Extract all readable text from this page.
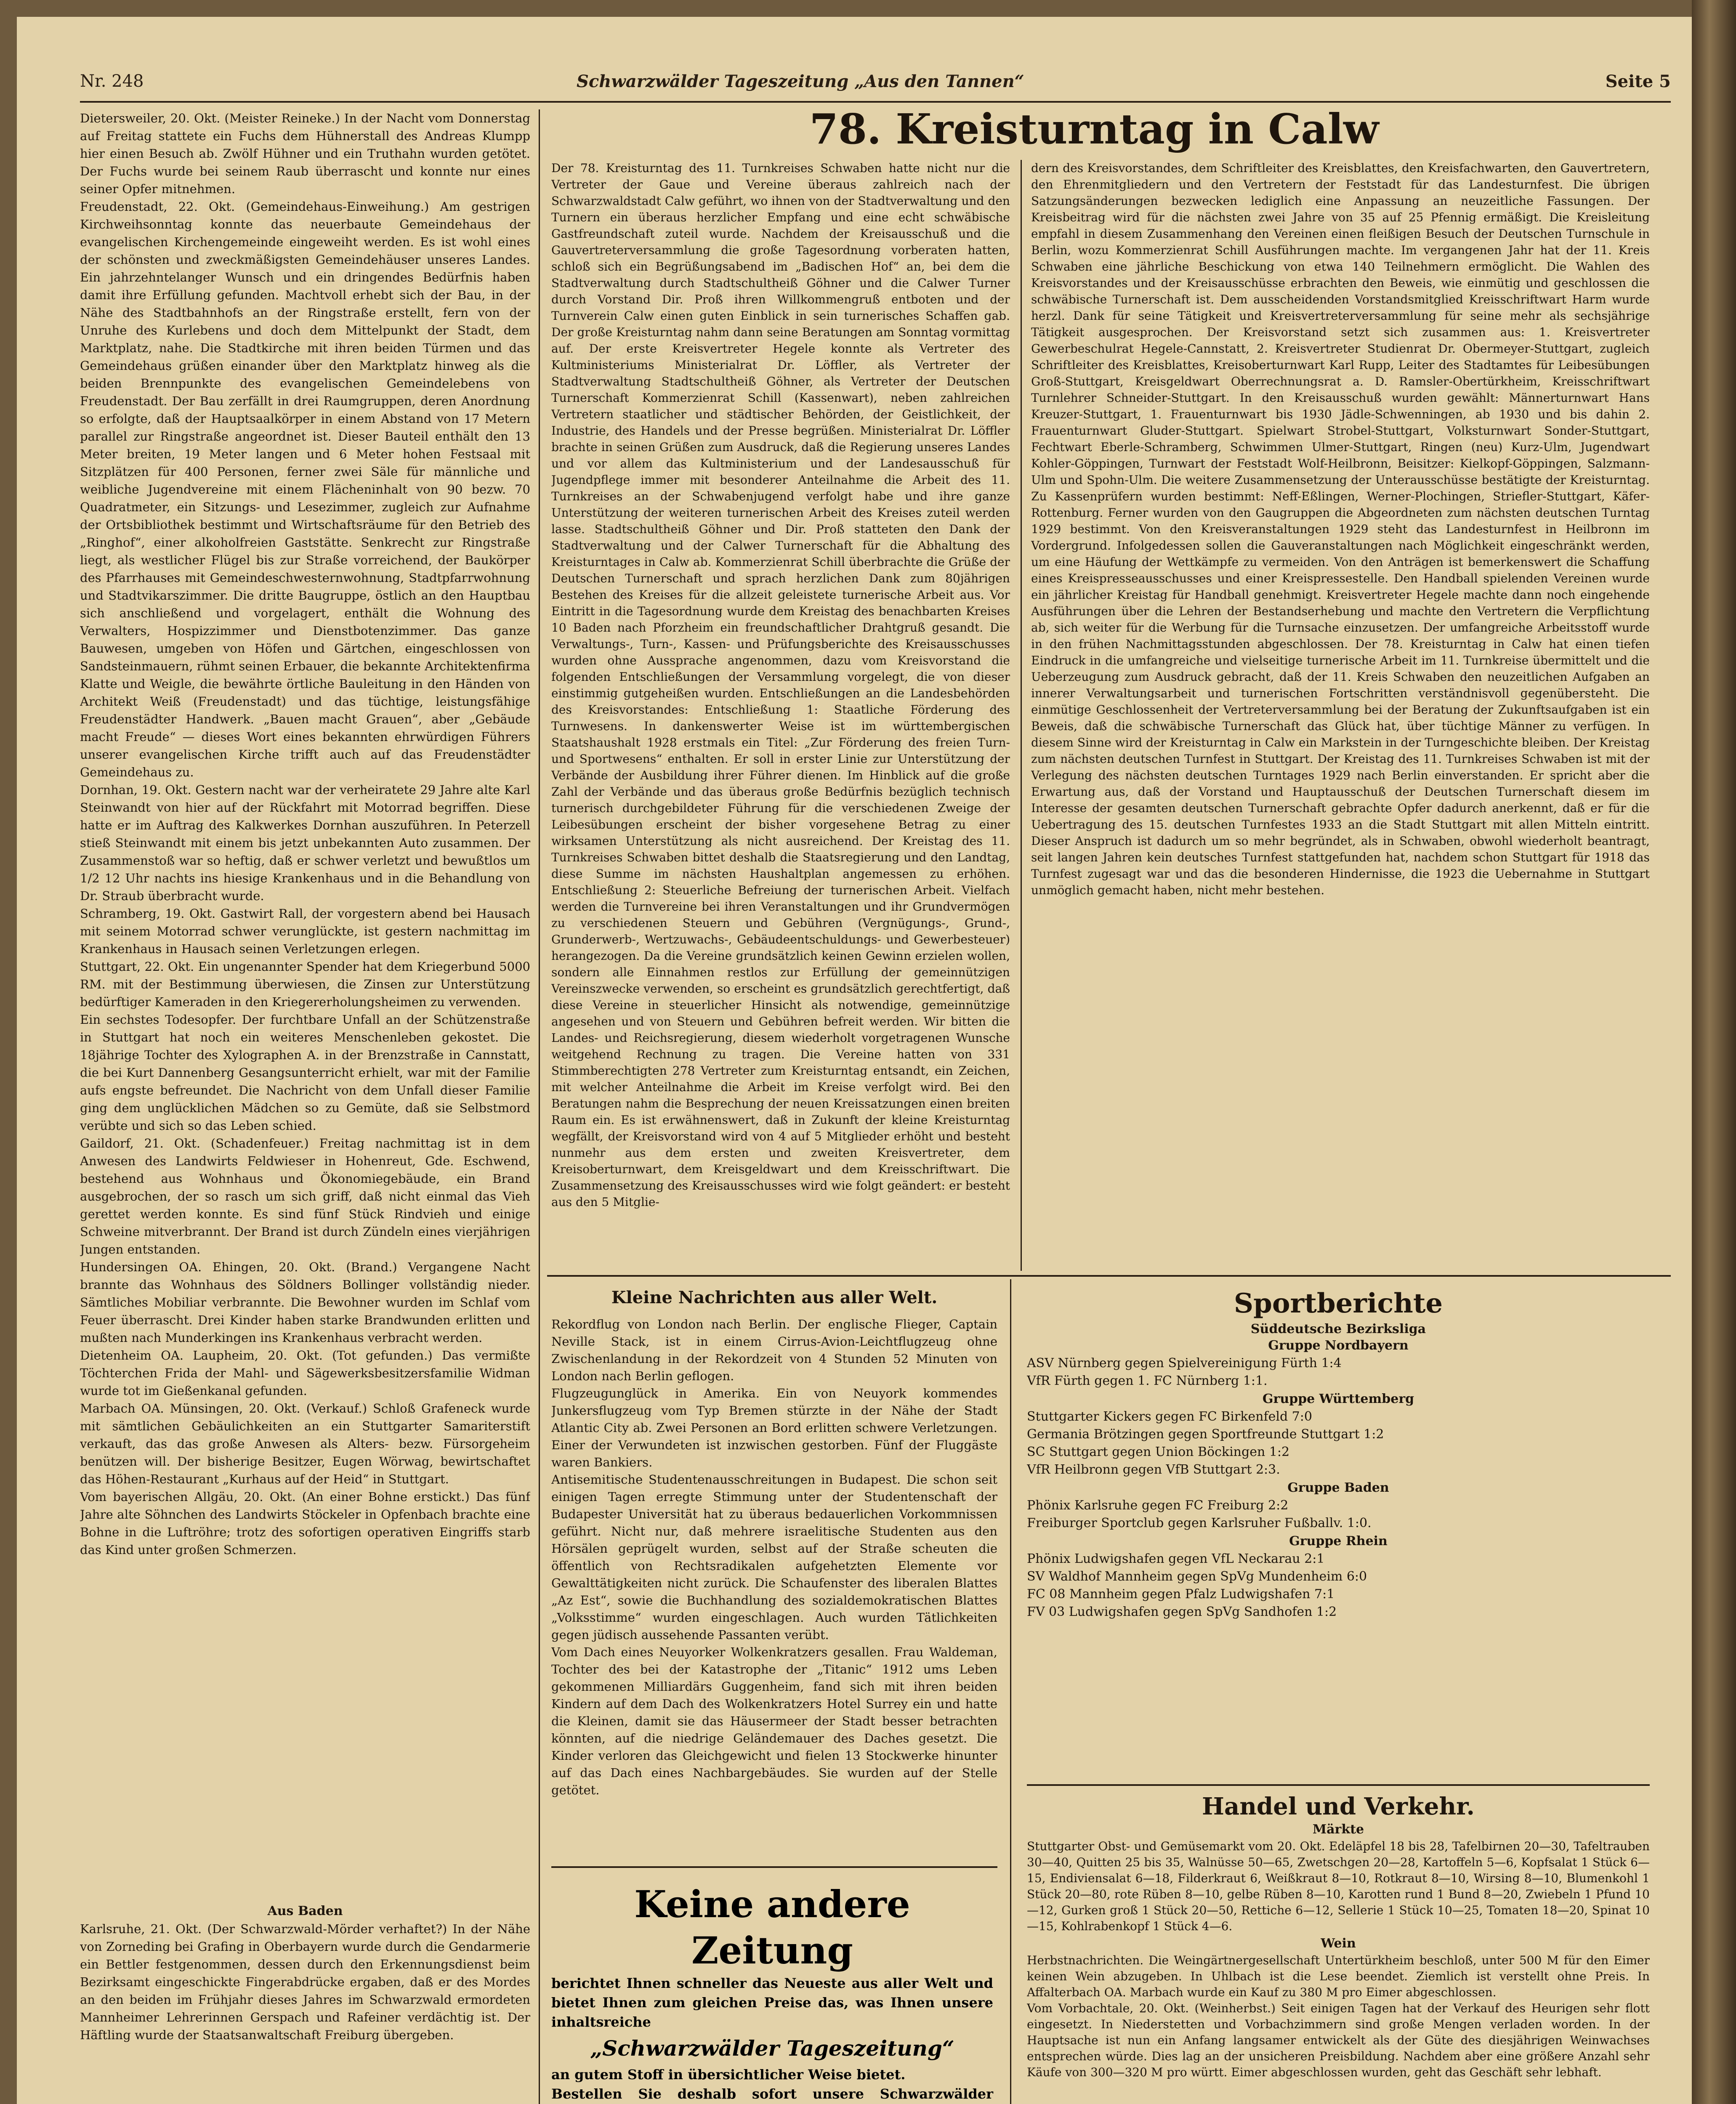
Nr. 248	Schwarzwälder Tageszeitung „Aus den Tannen“	Seite 5

Dietersweiler, 20. Okt. (Meister Reineke.) In der Nacht vom Donnerstag auf Freitag stattete ein Fuchs dem Hühnerstall des Andreas Klumpp hier einen Besuch ab. Zwölf Hühner und ein Truthahn wurden getötet. Der Fuchs wurde bei seinem Raub überrascht und konnte nur eines seiner Opfer mitnehmen.
Freudenstadt, 22. Okt. (Gemeindehaus-Einweihung.) Am gestrigen Kirchweihsonntag konnte das neuerbaute Gemeindehaus der evangelischen Kirchengemeinde eingeweiht werden. Es ist wohl eines der schönsten und zweckmäßigsten Gemeindehäuser unseres Landes. Ein jahrzehntelanger Wunsch und ein dringendes Bedürfnis haben damit ihre Erfüllung gefunden. Machtvoll erhebt sich der Bau, in der Nähe des Stadtbahnhofs an der Ringstraße erstellt, fern von der Unruhe des Kurlebens und doch dem Mittelpunkt der Stadt, dem Marktplatz, nahe. Die Stadtkirche mit ihren beiden Türmen und das Gemeindehaus grüßen einander über den Marktplatz hinweg als die beiden Brennpunkte des evangelischen Gemeindelebens von Freudenstadt. Der Bau zerfällt in drei Raumgruppen, deren Anordnung so erfolgte, daß der Hauptsaalkörper in einem Abstand von 17 Metern parallel zur Ringstraße angeordnet ist. Dieser Bauteil enthält den 13 Meter breiten, 19 Meter langen und 6 Meter hohen Festsaal mit Sitzplätzen für 400 Personen, ferner zwei Säle für männliche und weibliche Jugendvereine mit einem Flächeninhalt von 90 bezw. 70 Quadratmeter, ein Sitzungs- und Lesezimmer, zugleich zur Aufnahme der Ortsbibliothek bestimmt und Wirtschaftsräume für den Betrieb des „Ringhof“, einer alkoholfreien Gaststätte. Senkrecht zur Ringstraße liegt, als westlicher Flügel bis zur Straße vorreichend, der Baukörper des Pfarrhauses mit Gemeindeschwesternwohnung, Stadtpfarrwohnung und Stadtvikarszimmer. Die dritte Baugruppe, östlich an den Hauptbau sich anschließend und vorgelagert, enthält die Wohnung des Verwalters, Hospizzimmer und Dienstbotenzimmer. Das ganze Bauwesen, umgeben von Höfen und Gärtchen, eingeschlossen von Sandsteinmauern, rühmt seinen Erbauer, die bekannte Architektenfirma Klatte und Weigle, die bewährte örtliche Bauleitung in den Händen von Architekt Weiß (Freudenstadt) und das tüchtige, leistungsfähige Freudenstädter Handwerk. „Bauen macht Grauen“, aber „Gebäude macht Freude“ — dieses Wort eines bekannten ehrwürdigen Führers unserer evangelischen Kirche trifft auch auf das Freudenstädter Gemeindehaus zu.
Dornhan, 19. Okt. Gestern nacht war der verheiratete 29 Jahre alte Karl Steinwandt von hier auf der Rückfahrt mit Motorrad begriffen. Diese hatte er im Auftrag des Kalkwerkes Dornhan auszuführen. In Peterzell stieß Steinwandt mit einem bis jetzt unbekannten Auto zusammen. Der Zusammenstoß war so heftig, daß er schwer verletzt und bewußtlos um 1/2 12 Uhr nachts ins hiesige Krankenhaus und in die Behandlung von Dr. Straub überbracht wurde.
Schramberg, 19. Okt. Gastwirt Rall, der vorgestern abend bei Hausach mit seinem Motorrad schwer verunglückte, ist gestern nachmittag im Krankenhaus in Hausach seinen Verletzungen erlegen.
Stuttgart, 22. Okt. Ein ungenannter Spender hat dem Kriegerbund 5000 RM. mit der Bestimmung überwiesen, die Zinsen zur Unterstützung bedürftiger Kameraden in den Kriegererholungsheimen zu verwenden.
Ein sechstes Todesopfer. Der furchtbare Unfall an der Schützenstraße in Stuttgart hat noch ein weiteres Menschenleben gekostet. Die 18jährige Tochter des Xylographen A. in der Brenzstraße in Cannstatt, die bei Kurt Dannenberg Gesangsunterricht erhielt, war mit der Familie aufs engste befreundet. Die Nachricht von dem Unfall dieser Familie ging dem unglücklichen Mädchen so zu Gemüte, daß sie Selbstmord verübte und sich so das Leben schied.
Gaildorf, 21. Okt. (Schadenfeuer.) Freitag nachmittag ist in dem Anwesen des Landwirts Feldwieser in Hohenreut, Gde. Eschwend, bestehend aus Wohnhaus und Ökonomiegebäude, ein Brand ausgebrochen, der so rasch um sich griff, daß nicht einmal das Vieh gerettet werden konnte. Es sind fünf Stück Rindvieh und einige Schweine mitverbrannt. Der Brand ist durch Zündeln eines vierjährigen Jungen entstanden.
Hundersingen OA. Ehingen, 20. Okt. (Brand.) Vergangene Nacht brannte das Wohnhaus des Söldners Bollinger vollständig nieder. Sämtliches Mobiliar verbrannte. Die Bewohner wurden im Schlaf vom Feuer überrascht. Drei Kinder haben starke Brandwunden erlitten und mußten nach Munderkingen ins Krankenhaus verbracht werden.
Dietenheim OA. Laupheim, 20. Okt. (Tot gefunden.) Das vermißte Töchterchen Frida der Mahl- und Sägewerksbesitzersfamilie Widman wurde tot im Gießenkanal gefunden.
Marbach OA. Münsingen, 20. Okt. (Verkauf.) Schloß Grafeneck wurde mit sämtlichen Gebäulichkeiten an ein Stuttgarter Samariterstift verkauft, das das große Anwesen als Alters- bezw. Fürsorgeheim benützen will. Der bisherige Besitzer, Eugen Wörwag, bewirtschaftet das Höhen-Restaurant „Kurhaus auf der Heid“ in Stuttgart.
Vom bayerischen Allgäu, 20. Okt. (An einer Bohne erstickt.) Das fünf Jahre alte Söhnchen des Landwirts Stöckeler in Opfenbach brachte eine Bohne in die Luftröhre; trotz des sofortigen operativen Eingriffs starb das Kind unter großen Schmerzen.

Aus Baden

Karlsruhe, 21. Okt. (Der Schwarzwald-Mörder verhaftet?) In der Nähe von Zorneding bei Grafing in Oberbayern wurde durch die Gendarmerie ein Bettler festgenommen, dessen durch den Erkennungsdienst beim Bezirksamt eingeschickte Fingerabdrücke ergaben, daß er des Mordes an den beiden im Frühjahr dieses Jahres im Schwarzwald ermordeten Mannheimer Lehrerinnen Gerspach und Rafeiner verdächtig ist. Der Häftling wurde der Staatsanwaltschaft Freiburg übergeben.

78. Kreisturntag in Calw

Der 78. Kreisturntag des 11. Turnkreises Schwaben hatte nicht nur die Vertreter der Gaue und Vereine überaus zahlreich nach der Schwarzwaldstadt Calw geführt, wo ihnen von der Stadtverwaltung und den Turnern ein überaus herzlicher Empfang und eine echt schwäbische Gastfreundschaft zuteil wurde. Nachdem der Kreisausschuß und die Gauvertreterversammlung die große Tagesordnung vorberaten hatten, schloß sich ein Begrüßungsabend im „Badischen Hof“ an, bei dem die Stadtverwaltung durch Stadtschultheiß Göhner und die Calwer Turner durch Vorstand Dir. Proß ihren Willkommengruß entboten und der Turnverein Calw einen guten Einblick in sein turnerisches Schaffen gab. Der große Kreisturntag nahm dann seine Beratungen am Sonntag vormittag auf. Der erste Kreisvertreter Hegele konnte als Vertreter des Kultministeriums Ministerialrat Dr. Löffler, als Vertreter der Stadtverwaltung Stadtschultheiß Göhner, als Vertreter der Deutschen Turnerschaft Kommerzienrat Schill (Kassenwart), neben zahlreichen Vertretern staatlicher und städtischer Behörden, der Geistlichkeit, der Industrie, des Handels und der Presse begrüßen. Ministerialrat Dr. Löffler brachte in seinen Grüßen zum Ausdruck, daß die Regierung unseres Landes und vor allem das Kultministerium und der Landesausschuß für Jugendpflege immer mit besonderer Anteilnahme die Arbeit des 11. Turnkreises an der Schwabenjugend verfolgt habe und ihre ganze Unterstützung der weiteren turnerischen Arbeit des Kreises zuteil werden lasse. Stadtschultheiß Göhner und Dir. Proß statteten den Dank der Stadtverwaltung und der Calwer Turnerschaft für die Abhaltung des Kreisturntages in Calw ab. Kommerzienrat Schill überbrachte die Grüße der Deutschen Turnerschaft und sprach herzlichen Dank zum 80jährigen Bestehen des Kreises für die allzeit geleistete turnerische Arbeit aus. Vor Eintritt in die Tagesordnung wurde dem Kreistag des benachbarten Kreises 10 Baden nach Pforzheim ein freundschaftlicher Drahtgruß gesandt. Die Verwaltungs-, Turn-, Kassen- und Prüfungsberichte des Kreisausschusses wurden ohne Aussprache angenommen, dazu vom Kreisvorstand die folgenden Entschließungen der Versammlung vorgelegt, die von dieser einstimmig gutgeheißen wurden. Entschließungen an die Landesbehörden des Kreisvorstandes: Entschließung 1: Staatliche Förderung des Turnwesens. In dankenswerter Weise ist im württembergischen Staatshaushalt 1928 erstmals ein Titel: „Zur Förderung des freien Turn- und Sportwesens“ enthalten. Er soll in erster Linie zur Unterstützung der Verbände der Ausbildung ihrer Führer dienen. Im Hinblick auf die große Zahl der Verbände und das überaus große Bedürfnis bezüglich technisch turnerisch durchgebildeter Führung für die verschiedenen Zweige der Leibesübungen erscheint der bisher vorgesehene Betrag zu einer wirksamen Unterstützung als nicht ausreichend. Der Kreistag des 11. Turnkreises Schwaben bittet deshalb die Staatsregierung und den Landtag, diese Summe im nächsten Haushaltplan angemessen zu erhöhen. Entschließung 2: Steuerliche Befreiung der turnerischen Arbeit. Vielfach werden die Turnvereine bei ihren Veranstaltungen und ihr Grundvermögen zu verschiedenen Steuern und Gebühren (Vergnügungs-, Grund-, Grunderwerb-, Wertzuwachs-, Gebäudeentschuldungs- und Gewerbesteuer) herangezogen. Da die Vereine grundsätzlich keinen Gewinn erzielen wollen, sondern alle Einnahmen restlos zur Erfüllung der gemeinnützigen Vereinszwecke verwenden, so erscheint es grundsätzlich gerechtfertigt, daß diese Vereine in steuerlicher Hinsicht als notwendige, gemeinnützige angesehen und von Steuern und Gebühren befreit werden. Wir bitten die Landes- und Reichsregierung, diesem wiederholt vorgetragenen Wunsche weitgehend Rechnung zu tragen. Die Vereine hatten von 331 Stimmberechtigten 278 Vertreter zum Kreisturntag entsandt, ein Zeichen, mit welcher Anteilnahme die Arbeit im Kreise verfolgt wird. Bei den Beratungen nahm die Besprechung der neuen Kreissatzungen einen breiten Raum ein. Es ist erwähnenswert, daß in Zukunft der kleine Kreisturntag wegfällt, der Kreisvorstand wird von 4 auf 5 Mitglieder erhöht und besteht nunmehr aus dem ersten und zweiten Kreisvertreter, dem Kreisoberturnwart, dem Kreisgeldwart und dem Kreisschriftwart. Die Zusammensetzung des Kreisausschusses wird wie folgt geändert: er besteht aus den 5 Mitglie-

dern des Kreisvorstandes, dem Schriftleiter des Kreisblattes, den Kreisfachwarten, den Gauvertretern, den Ehrenmitgliedern und den Vertretern der Feststadt für das Landesturnfest. Die übrigen Satzungsänderungen bezwecken lediglich eine Anpassung an neuzeitliche Fassungen. Der Kreisbeitrag wird für die nächsten zwei Jahre von 35 auf 25 Pfennig ermäßigt. Die Kreisleitung empfahl in diesem Zusammenhang den Vereinen einen fleißigen Besuch der Deutschen Turnschule in Berlin, wozu Kommerzienrat Schill Ausführungen machte. Im vergangenen Jahr hat der 11. Kreis Schwaben eine jährliche Beschickung von etwa 140 Teilnehmern ermöglicht. Die Wahlen des Kreisvorstandes und der Kreisausschüsse erbrachten den Beweis, wie einmütig und geschlossen die schwäbische Turnerschaft ist. Dem ausscheidenden Vorstandsmitglied Kreisschriftwart Harm wurde herzl. Dank für seine Tätigkeit und Kreisvertreterversammlung für seine mehr als sechsjährige Tätigkeit ausgesprochen. Der Kreisvorstand setzt sich zusammen aus: 1. Kreisvertreter Gewerbeschulrat Hegele-Cannstatt, 2. Kreisvertreter Studienrat Dr. Obermeyer-Stuttgart, zugleich Schriftleiter des Kreisblattes, Kreisoberturnwart Karl Rupp, Leiter des Stadtamtes für Leibesübungen Groß-Stuttgart, Kreisgeldwart Oberrechnungsrat a. D. Ramsler-Obertürkheim, Kreisschriftwart Turnlehrer Schneider-Stuttgart. In den Kreisausschuß wurden gewählt: Männerturnwart Hans Kreuzer-Stuttgart, 1. Frauenturnwart bis 1930 Jädle-Schwenningen, ab 1930 und bis dahin 2. Frauenturnwart Gluder-Stuttgart. Spielwart Strobel-Stuttgart, Volksturnwart Sonder-Stuttgart, Fechtwart Eberle-Schramberg, Schwimmen Ulmer-Stuttgart, Ringen (neu) Kurz-Ulm, Jugendwart Kohler-Göppingen, Turnwart der Feststadt Wolf-Heilbronn, Beisitzer: Kielkopf-Göppingen, Salzmann-Ulm und Spohn-Ulm. Die weitere Zusammensetzung der Unterausschüsse bestätigte der Kreisturntag. Zu Kassenprüfern wurden bestimmt: Neff-Eßlingen, Werner-Plochingen, Striefler-Stuttgart, Käfer-Rottenburg. Ferner wurden von den Gaugruppen die Abgeordneten zum nächsten deutschen Turntag 1929 bestimmt. Von den Kreisveranstaltungen 1929 steht das Landesturnfest in Heilbronn im Vordergrund. Infolgedessen sollen die Gauveranstaltungen nach Möglichkeit eingeschränkt werden, um eine Häufung der Wettkämpfe zu vermeiden. Von den Anträgen ist bemerkenswert die Schaffung eines Kreispresseausschusses und einer Kreispressestelle. Den Handball spielenden Vereinen wurde ein jährlicher Kreistag für Handball genehmigt. Kreisvertreter Hegele machte dann noch eingehende Ausführungen über die Lehren der Bestandserhebung und machte den Vertretern die Verpflichtung ab, sich weiter für die Werbung für die Turnsache einzusetzen. Der umfangreiche Arbeitsstoff wurde in den frühen Nachmittagsstunden abgeschlossen. Der 78. Kreisturntag in Calw hat einen tiefen Eindruck in die umfangreiche und vielseitige turnerische Arbeit im 11. Turnkreise übermittelt und die Ueberzeugung zum Ausdruck gebracht, daß der 11. Kreis Schwaben den neuzeitlichen Aufgaben an innerer Verwaltungsarbeit und turnerischen Fortschritten verständnisvoll gegenübersteht. Die einmütige Geschlossenheit der Vertreterversammlung bei der Beratung der Zukunftsaufgaben ist ein Beweis, daß die schwäbische Turnerschaft das Glück hat, über tüchtige Männer zu verfügen. In diesem Sinne wird der Kreisturntag in Calw ein Markstein in der Turngeschichte bleiben. Der Kreistag zum nächsten deutschen Turnfest in Stuttgart. Der Kreistag des 11. Turnkreises Schwaben ist mit der Verlegung des nächsten deutschen Turntages 1929 nach Berlin einverstanden. Er spricht aber die Erwartung aus, daß der Vorstand und Hauptausschuß der Deutschen Turnerschaft diesem im Interesse der gesamten deutschen Turnerschaft gebrachte Opfer dadurch anerkennt, daß er für die Uebertragung des 15. deutschen Turnfestes 1933 an die Stadt Stuttgart mit allen Mitteln eintritt. Dieser Anspruch ist dadurch um so mehr begründet, als in Schwaben, obwohl wiederholt beantragt, seit langen Jahren kein deutsches Turnfest stattgefunden hat, nachdem schon Stuttgart für 1918 das Turnfest zugesagt war und das die besonderen Hindernisse, die 1923 die Uebernahme in Stuttgart unmöglich gemacht haben, nicht mehr bestehen.

Kleine Nachrichten aus aller Welt.

Rekordflug von London nach Berlin. Der englische Flieger, Captain Neville Stack, ist in einem Cirrus-Avion-Leichtflugzeug ohne Zwischenlandung in der Rekordzeit von 4 Stunden 52 Minuten von London nach Berlin geflogen.
Flugzeugunglück in Amerika. Ein von Neuyork kommendes Junkersflugzeug vom Typ Bremen stürzte in der Nähe der Stadt Atlantic City ab. Zwei Personen an Bord erlitten schwere Verletzungen. Einer der Verwundeten ist inzwischen gestorben. Fünf der Fluggäste waren Bankiers.
Antisemitische Studentenausschreitungen in Budapest. Die schon seit einigen Tagen erregte Stimmung unter der Studentenschaft der Budapester Universität hat zu überaus bedauerlichen Vorkommnissen geführt. Nicht nur, daß mehrere israelitische Studenten aus den Hörsälen geprügelt wurden, selbst auf der Straße scheuten die öffentlich von Rechtsradikalen aufgehetzten Elemente vor Gewalttätigkeiten nicht zurück. Die Schaufenster des liberalen Blattes „Az Est“, sowie die Buchhandlung des sozialdemokratischen Blattes „Volksstimme“ wurden eingeschlagen. Auch wurden Tätlichkeiten gegen jüdisch aussehende Passanten verübt.
Vom Dach eines Neuyorker Wolkenkratzers gesallen. Frau Waldeman, Tochter des bei der Katastrophe der „Titanic“ 1912 ums Leben gekommenen Milliardärs Guggenheim, fand sich mit ihren beiden Kindern auf dem Dach des Wolkenkratzers Hotel Surrey ein und hatte die Kleinen, damit sie das Häusermeer der Stadt besser betrachten könnten, auf die niedrige Geländemauer des Daches gesetzt. Die Kinder verloren das Gleichgewicht und fielen 13 Stockwerke hinunter auf das Dach eines Nachbargebäudes. Sie wurden auf der Stelle getötet.

Keine andere Zeitung
berichtet Ihnen schneller das Neueste aus aller Welt und bietet Ihnen zum gleichen Preise das, was Ihnen unsere inhaltsreiche
„Schwarzwälder Tageszeitung“
an gutem Stoff in übersichtlicher Weise bietet.
Bestellen Sie deshalb sofort unsere Schwarzwälder
Sportberichte
Süddeutsche Bezirksliga
Gruppe Nordbayern
ASV Nürnberg gegen Spielvereinigung Fürth 1:4
VfR Fürth gegen 1. FC Nürnberg 1:1.
Gruppe Württemberg
Stuttgarter Kickers gegen FC Birkenfeld 7:0
Germania Brötzingen gegen Sportfreunde Stuttgart 1:2
SC Stuttgart gegen Union Böckingen 1:2
VfR Heilbronn gegen VfB Stuttgart 2:3.
Gruppe Baden
Phönix Karlsruhe gegen FC Freiburg 2:2
Freiburger Sportclub gegen Karlsruher Fußballv. 1:0.
Gruppe Rhein
Phönix Ludwigshafen gegen VfL Neckarau 2:1
SV Waldhof Mannheim gegen SpVg Mundenheim 6:0
FC 08 Mannheim gegen Pfalz Ludwigshafen 7:1
FV 03 Ludwigshafen gegen SpVg Sandhofen 1:2
Handel und Verkehr.
Märkte

Stuttgarter Obst- und Gemüsemarkt vom 20. Okt. Edeläpfel 18 bis 28, Tafelbirnen 20—30, Tafeltrauben 30—40, Quitten 25 bis 35, Walnüsse 50—65, Zwetschgen 20—28, Kartoffeln 5—6, Kopfsalat 1 Stück 6—15, Endiviensalat 6—18, Filderkraut 6, Weißkraut 8—10, Rotkraut 8—10, Wirsing 8—10, Blumenkohl 1 Stück 20—80, rote Rüben 8—10, gelbe Rüben 8—10, Karotten rund 1 Bund 8—20, Zwiebeln 1 Pfund 10—12, Gurken groß 1 Stück 20—50, Rettiche 6—12, Sellerie 1 Stück 10—25, Tomaten 18—20, Spinat 10—15, Kohlrabenkopf 1 Stück 4—6.

Wein

Herbstnachrichten. Die Weingärtnergesellschaft Untertürkheim beschloß, unter 500 M für den Eimer keinen Wein abzugeben. In Uhlbach ist die Lese beendet. Ziemlich ist verstellt ohne Preis. In Affalterbach OA. Marbach wurde ein Kauf zu 380 M pro Eimer abgeschlossen.
Vom Vorbachtale, 20. Okt. (Weinherbst.) Seit einigen Tagen hat der Verkauf des Heurigen sehr flott eingesetzt. In Niederstetten und Vorbachzimmern sind große Mengen verladen worden. In der Hauptsache ist nun ein Anfang langsamer entwickelt als der Güte des diesjährigen Weinwachses entsprechen würde. Dies lag an der unsicheren Preisbildung. Nachdem aber eine größere Anzahl sehr Käufe von 300—320 M pro württ. Eimer abgeschlossen wurden, geht das Geschäft sehr lebhaft.
